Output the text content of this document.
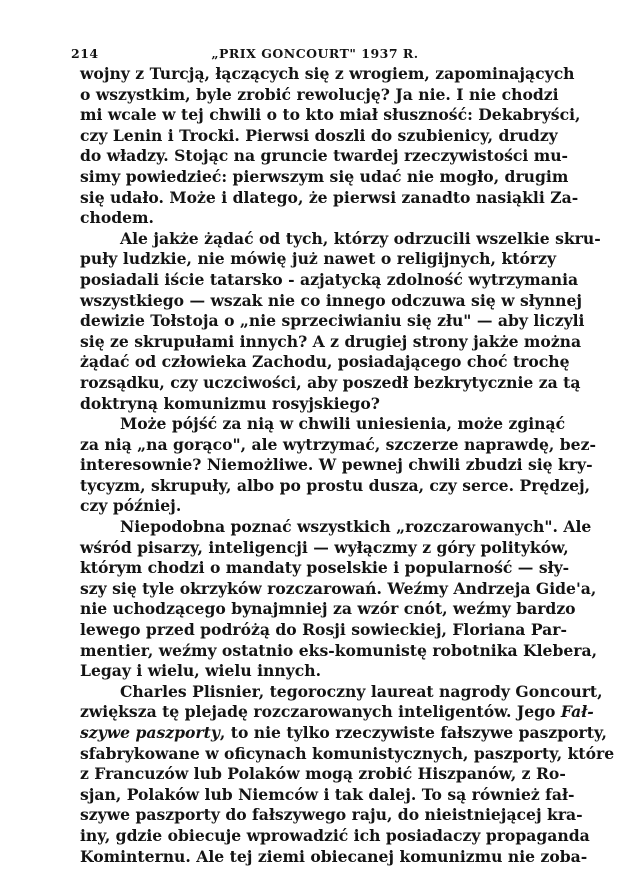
214	„PRIX GONCOURT" 1937 R.
wojny z Turcją, łączących się z wrogiem, zapominających
o wszystkim, byle zrobić rewolucję? Ja nie. I nie chodzi
mi wcale w tej chwili o to kto miał słuszność: Dekabryści,
czy Lenin i Trocki. Pierwsi doszli do szubienicy, drudzy
do władzy. Stojąc na gruncie twardej rzeczywistości mu-
simy powiedzieć: pierwszym się udać nie mogło, drugim
się udało. Może i dlatego, że pierwsi zanadto nasiąkli Za-
chodem.
Ale jakże żądać od tych, którzy odrzucili wszelkie skru-
puły ludzkie, nie mówię już nawet o religijnych, którzy
posiadali iście tatarsko - azjatycką zdolność wytrzymania
wszystkiego — wszak nie co innego odczuwa się w słynnej
dewizie Tołstoja o „nie sprzeciwianiu się złu" — aby liczyli
się ze skrupułami innych? A z drugiej strony jakże można
żądać od człowieka Zachodu, posiadającego choć trochę
rozsądku, czy uczciwości, aby poszedł bezkrytycznie za tą
doktryną komunizmu rosyjskiego?
Może pójść za nią w chwili uniesienia, może zginąć
za nią „na gorąco", ale wytrzymać, szczerze naprawdę, bez-
interesownie? Niemożliwe. W pewnej chwili zbudzi się kry-
tycyzm, skrupuły, albo po prostu dusza, czy serce. Prędzej,
czy później.
Niepodobna poznać wszystkich „rozczarowanych". Ale
wśród pisarzy, inteligencji — wyłączmy z góry polityków,
którym chodzi o mandaty poselskie i popularność — sły-
szy się tyle okrzyków rozczarowań. Weźmy Andrzeja Gide'a,
nie uchodzącego bynajmniej za wzór cnót, weźmy bardzo
lewego przed podróżą do Rosji sowieckiej, Floriana Par-
mentier, weźmy ostatnio eks-komunistę robotnika Klebera,
Legay i wielu, wielu innych.
Charles Plisnier, tegoroczny laureat nagrody Goncourt,
zwiększa tę plejadę rozczarowanych inteligentów. Jego Fał-
szywe paszporty, to nie tylko rzeczywiste fałszywe paszporty,
sfabrykowane w oficynach komunistycznych, paszporty, które
z Francuzów lub Polaków mogą zrobić Hiszpanów, z Ro-
sjan, Polaków lub Niemców i tak dalej. To są również fał-
szywe paszporty do fałszywego raju, do nieistniejącej kra-
iny, gdzie obiecuje wprowadzić ich posiadaczy propaganda
Kominternu. Ale tej ziemi obiecanej komunizmu nie zoba-
